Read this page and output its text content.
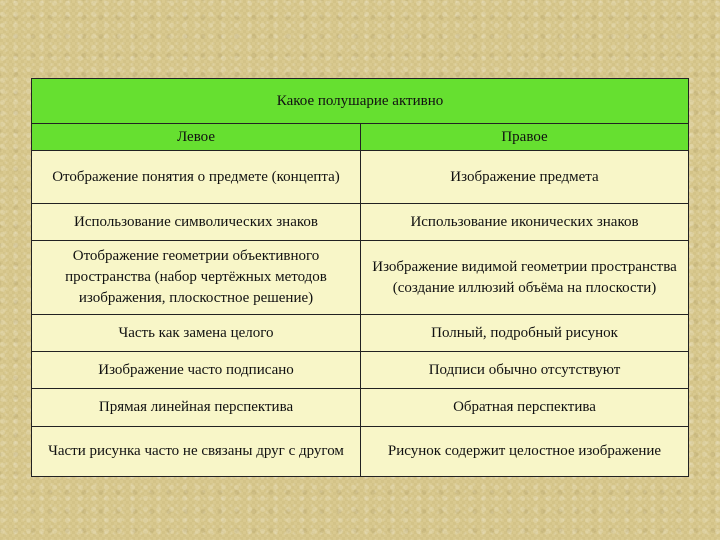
Какое полушарие активно	
Левое	Правое
Отображение понятия о предмете (концепта)	Изображение предмета
Использование символических знаков	Использование иконических знаков
Отображение геометрии объективного пространства (набор чертёжных методов изображения, плоскостное решение)	Изображение видимой геометрии пространства (создание иллюзий объёма на плоскости)
Часть как замена целого	Полный, подробный рисунок
Изображение часто подписано	Подписи обычно отсутствуют
Прямая линейная перспектива	Обратная перспектива
Части рисунка часто не связаны друг с другом	Рисунок содержит целостное изображение
